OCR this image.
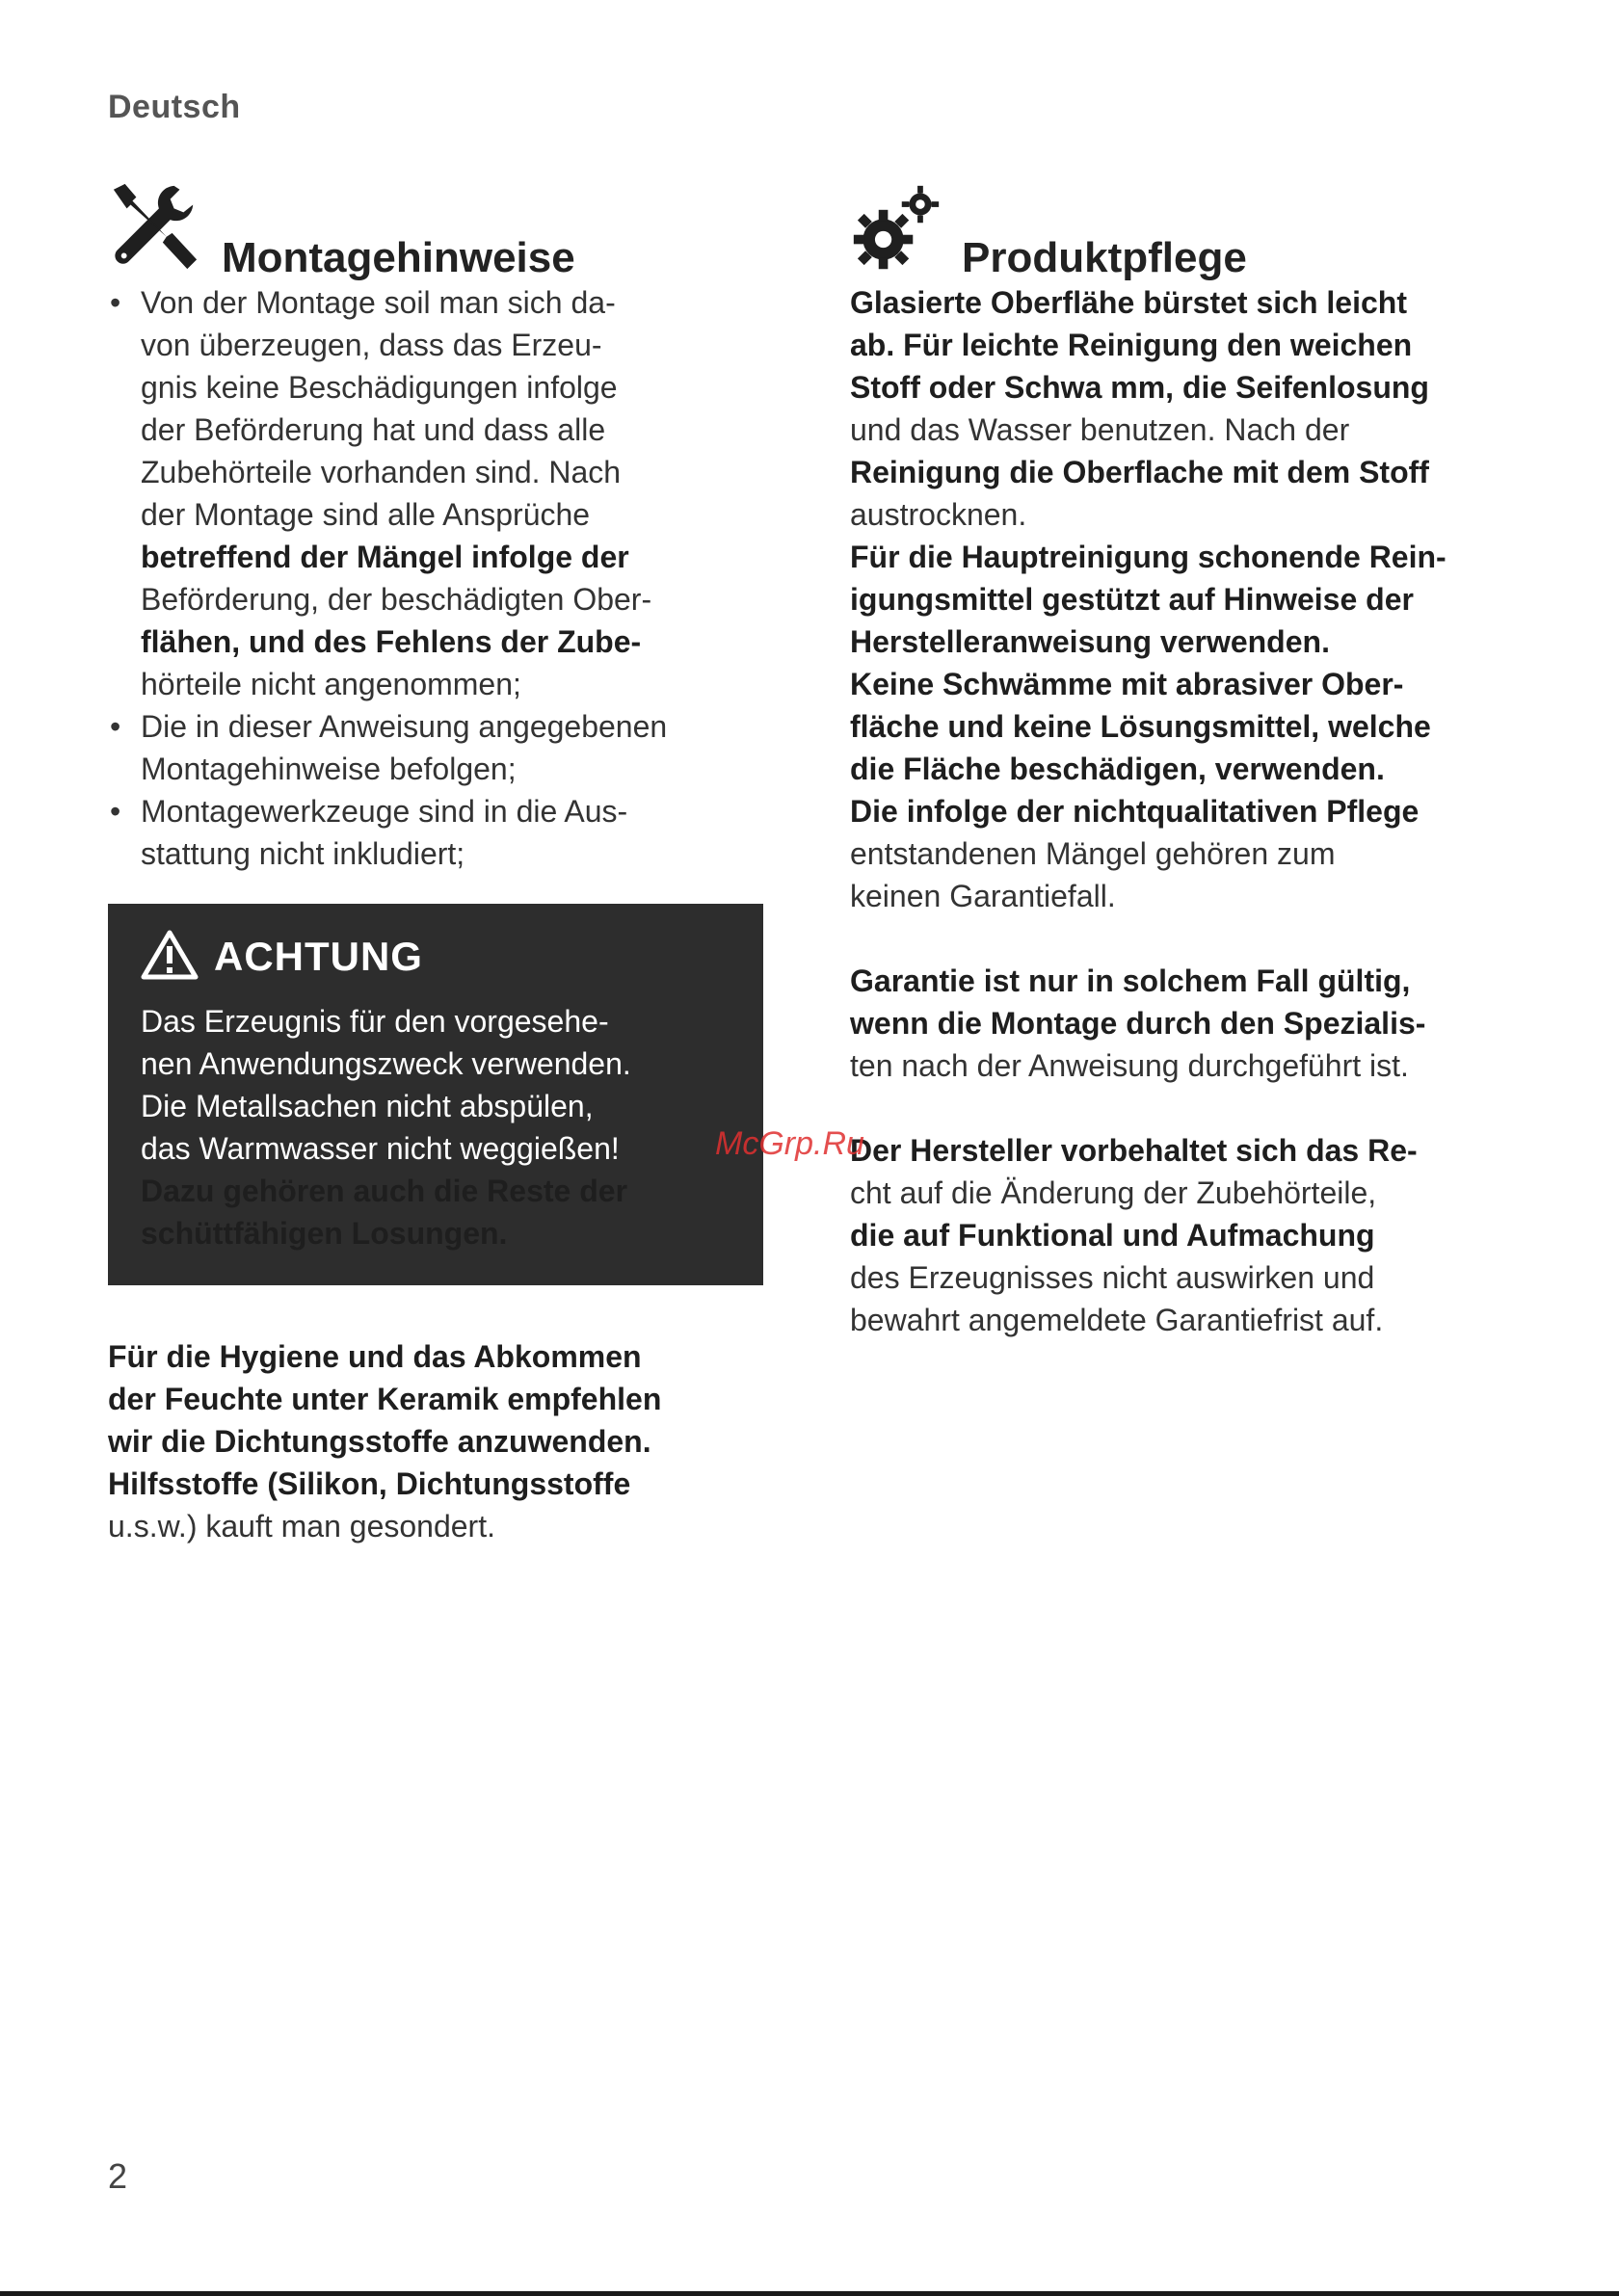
Deutsch
Montagehinweise
• Von der Montage soil man sich da-
von überzeugen, dass das Erzeu-
gnis keine Beschädigungen infolge
der Beförderung hat und dass alle
Zubehörteile vorhanden sind. Nach
der Montage sind alle Ansprüche
betreffend der Mängel infolge der
Beförderung, der beschädigten Ober-
flähen, und des Fehlens der Zube-
hörteile nicht angenommen;
• Die in dieser Anweisung angegebenen
Montagehinweise befolgen;
• Montagewerkzeuge sind in die Aus-
stattung nicht inkludiert;
ACHTUNG
Das Erzeugnis für den vorgesehe-
nen Anwendungszweck verwenden.
Die Metallsachen nicht abspülen,
das Warmwasser nicht weggießen!
Dazu gehören auch die Reste der
schüttfähigen Losungen.
Für die Hygiene und das Abkommen
der Feuchte unter Keramik empfehlen
wir die Dichtungsstoffe anzuwenden.
Hilfsstoffe (Silikon, Dichtungsstoffe
u.s.w.) kauft man gesondert.
Produktpflege
Glasierte Oberflähe bürstet sich leicht
ab. Für leichte Reinigung den weichen
Stoff oder Schwa mm, die Seifenlosung
und das Wasser benutzen. Nach der
Reinigung die Oberflache mit dem Stoff
austrocknen.
Für die Hauptreinigung schonende Rein-
igungsmittel gestützt auf Hinweise der
Herstelleranweisung verwenden.
Keine Schwämme mit abrasiver Ober-
fläche und keine Lösungsmittel, welche
die Fläche beschädigen, verwenden.
Die infolge der nichtqualitativen Pflege
entstandenen Mängel gehören zum
keinen Garantiefall.
Garantie ist nur in solchem Fall gültig,
wenn die Montage durch den Spezialis-
ten nach der Anweisung durchgeführt ist.
Der Hersteller vorbehaltet sich das Re-
cht auf die Änderung der Zubehörteile,
die auf Funktional und Aufmachung
des Erzeugnisses nicht auswirken und
bewahrt angemeldete Garantiefrist auf.
McGrp.Ru
2
